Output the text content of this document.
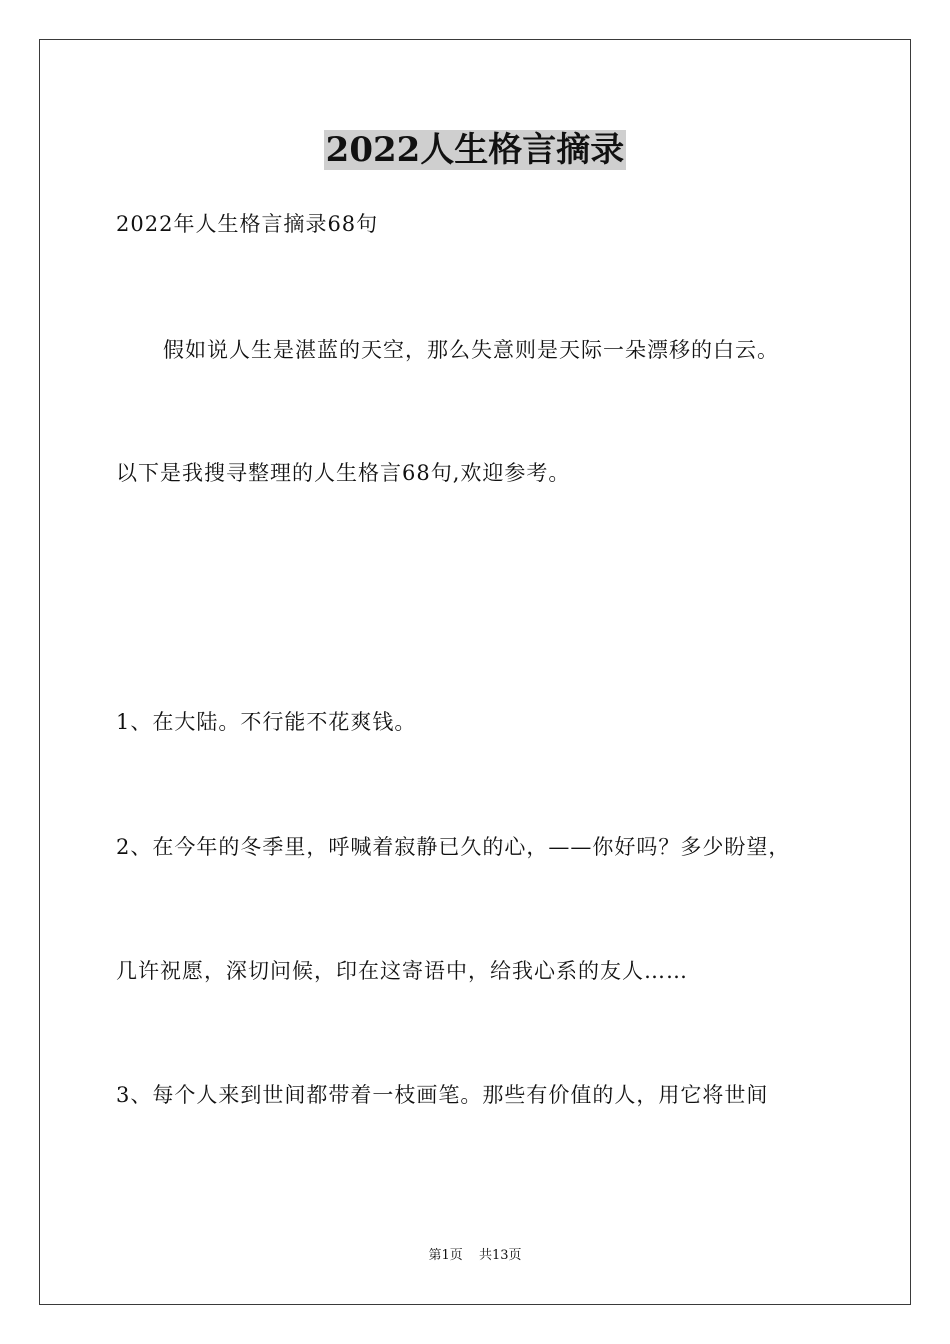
2022人生格言摘录

2022年人生格言摘录68句

假如说人生是湛蓝的天空，那么失意则是天际一朵漂移的白云。

以下是我搜寻整理的人生格言68句,欢迎参考。

1、在大陆。不行能不花爽钱。

2、在今年的冬季里，呼喊着寂静已久的心，——你好吗？多少盼望，

几许祝愿，深切问候，印在这寄语中，给我心系的友人……

3、每个人来到世间都带着一枝画笔。那些有价值的人，用它将世间

第1页 共13页
